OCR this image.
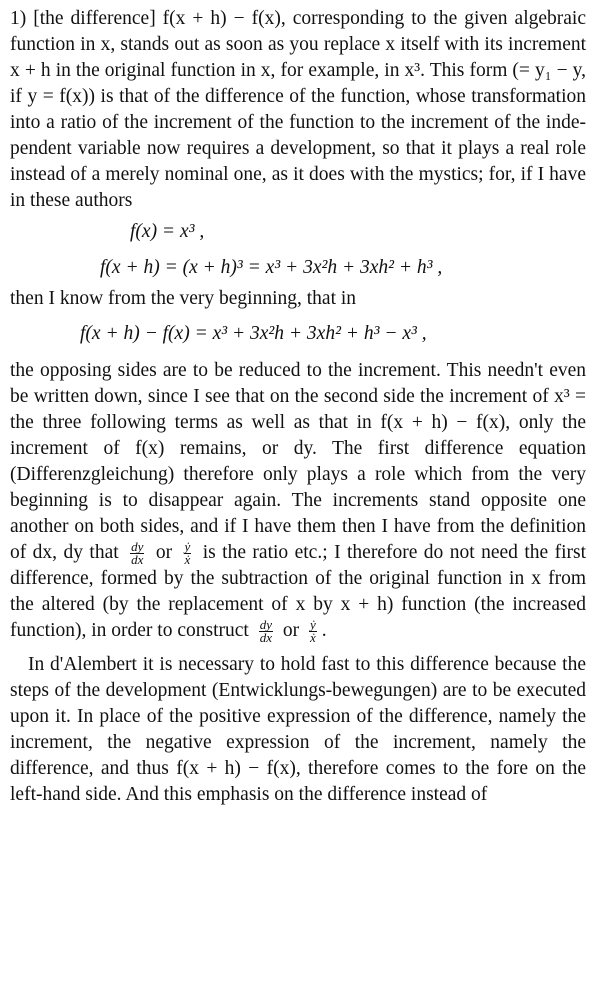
1) [the difference] f(x + h) − f(x), corresponding to the given algebraic function in x, stands out as soon as you replace x itself with its increment x + h in the original function in x, for example, in x³. This form (= y₁ − y, if y = f(x)) is that of the difference of the function, whose transformation into a ratio of the increment of the function to the increment of the inde- pendent variable now requires a development, so that it plays a real role instead of a merely nominal one, as it does with the mystics; for, if I have in these authors

f(x) = x³ ,
f(x + h) = (x + h)³ = x³ + 3x²h + 3xh² + h³ ,

then I know from the very beginning, that in

f(x + h) − f(x) = x³ + 3x²h + 3xh² + h³ − x³ ,

the opposing sides are to be reduced to the increment. This needn't even be written down, since I see that on the second side the increment of x³ = the three following terms as well as that in f(x + h) − f(x), only the increment of f(x) remains, or dy. The first difference equation (Differenzgleichung) therefore only plays a role which from the very beginning is to disappear again. The increments stand opposite one another on both sides, and if I have them then I have from the definition of dx, dy that $\frac{dy}{dx}$ or $\frac{\text{ẏ}}{\text{ẋ}}$ is the ratio etc.; I therefore do not need the first difference, formed by the subtraction of the original function in x from the altered (by the replacement of x by x + h) function (the increased function), in order to construct $\frac{dy}{dx}$ or $\frac{\text{ẏ}}{\text{ẋ}}$ .

In d'Alembert it is necessary to hold fast to this difference because the steps of the development (Entwicklungs-bewegungen) are to be executed upon it. In place of the positive expression of the difference, namely the increment, the negative expression of the increment, namely the difference, and thus f(x + h) − f(x), therefore comes to the fore on the left-hand side. And this emphasis on the difference instead of
